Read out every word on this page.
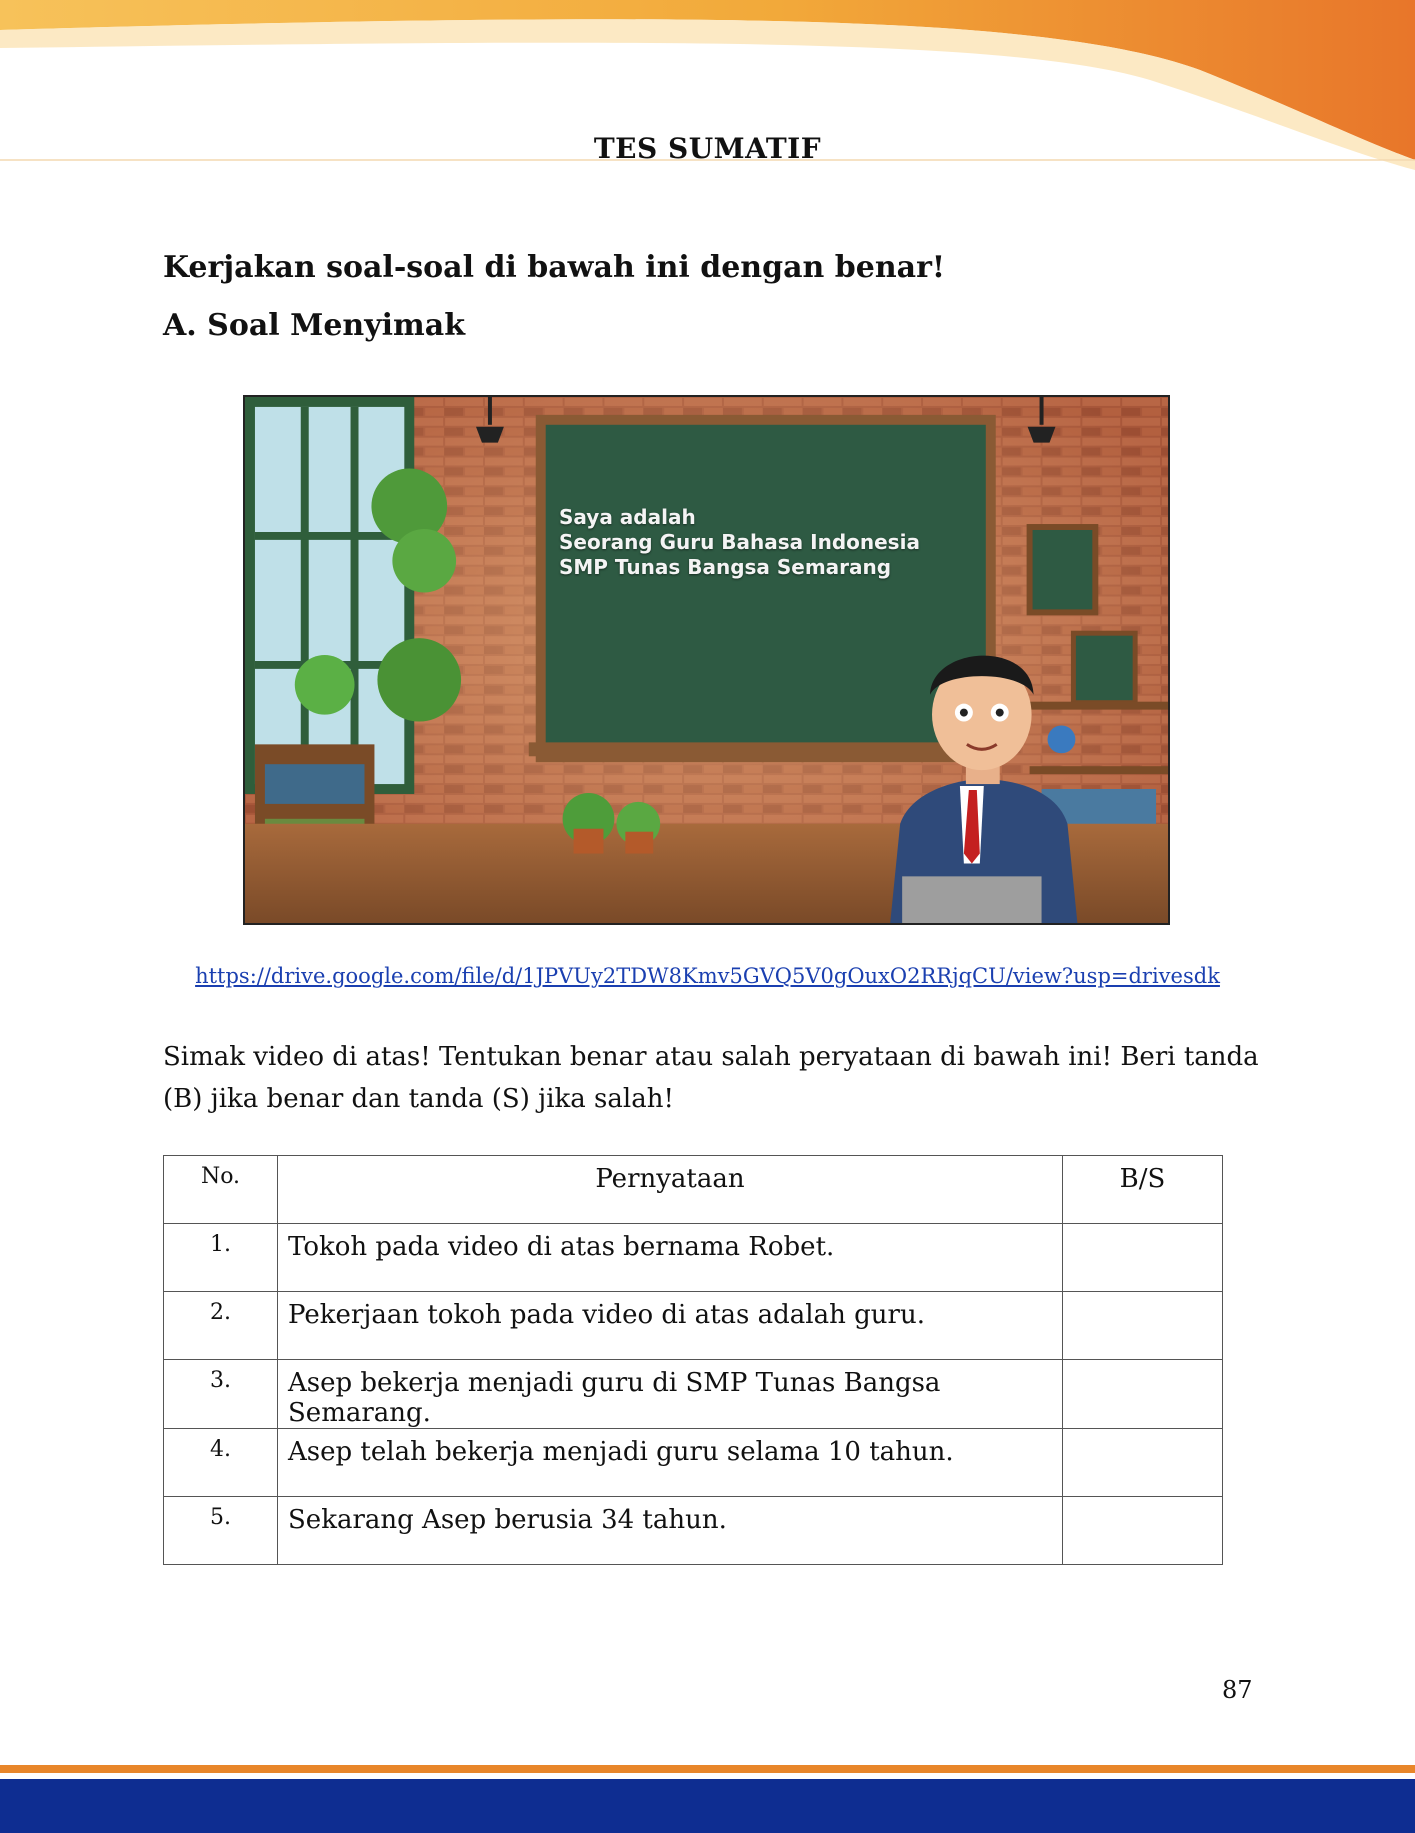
TES SUMATIF
Kerjakan soal-soal di bawah ini dengan benar!
A. Soal Menyimak
Saya adalah
Seorang Guru Bahasa Indonesia
SMP Tunas Bangsa Semarang
https://drive.google.com/file/d/1JPVUy2TDW8Kmv5GVQ5V0gOuxO2RRjqCU/view?usp=drivesdk
Simak video di atas! Tentukan benar atau salah peryataan di bawah ini! Beri tanda (B) jika benar dan tanda (S) jika salah!
No.	Pernyataan	B/S
1.	Tokoh pada video di atas bernama Robet.	
2.	Pekerjaan tokoh pada video di atas adalah guru.	
3.	Asep bekerja menjadi guru di SMP Tunas Bangsa Semarang.	
4.	Asep telah bekerja menjadi guru selama 10 tahun.	
5.	Sekarang Asep berusia 34 tahun.	
87
